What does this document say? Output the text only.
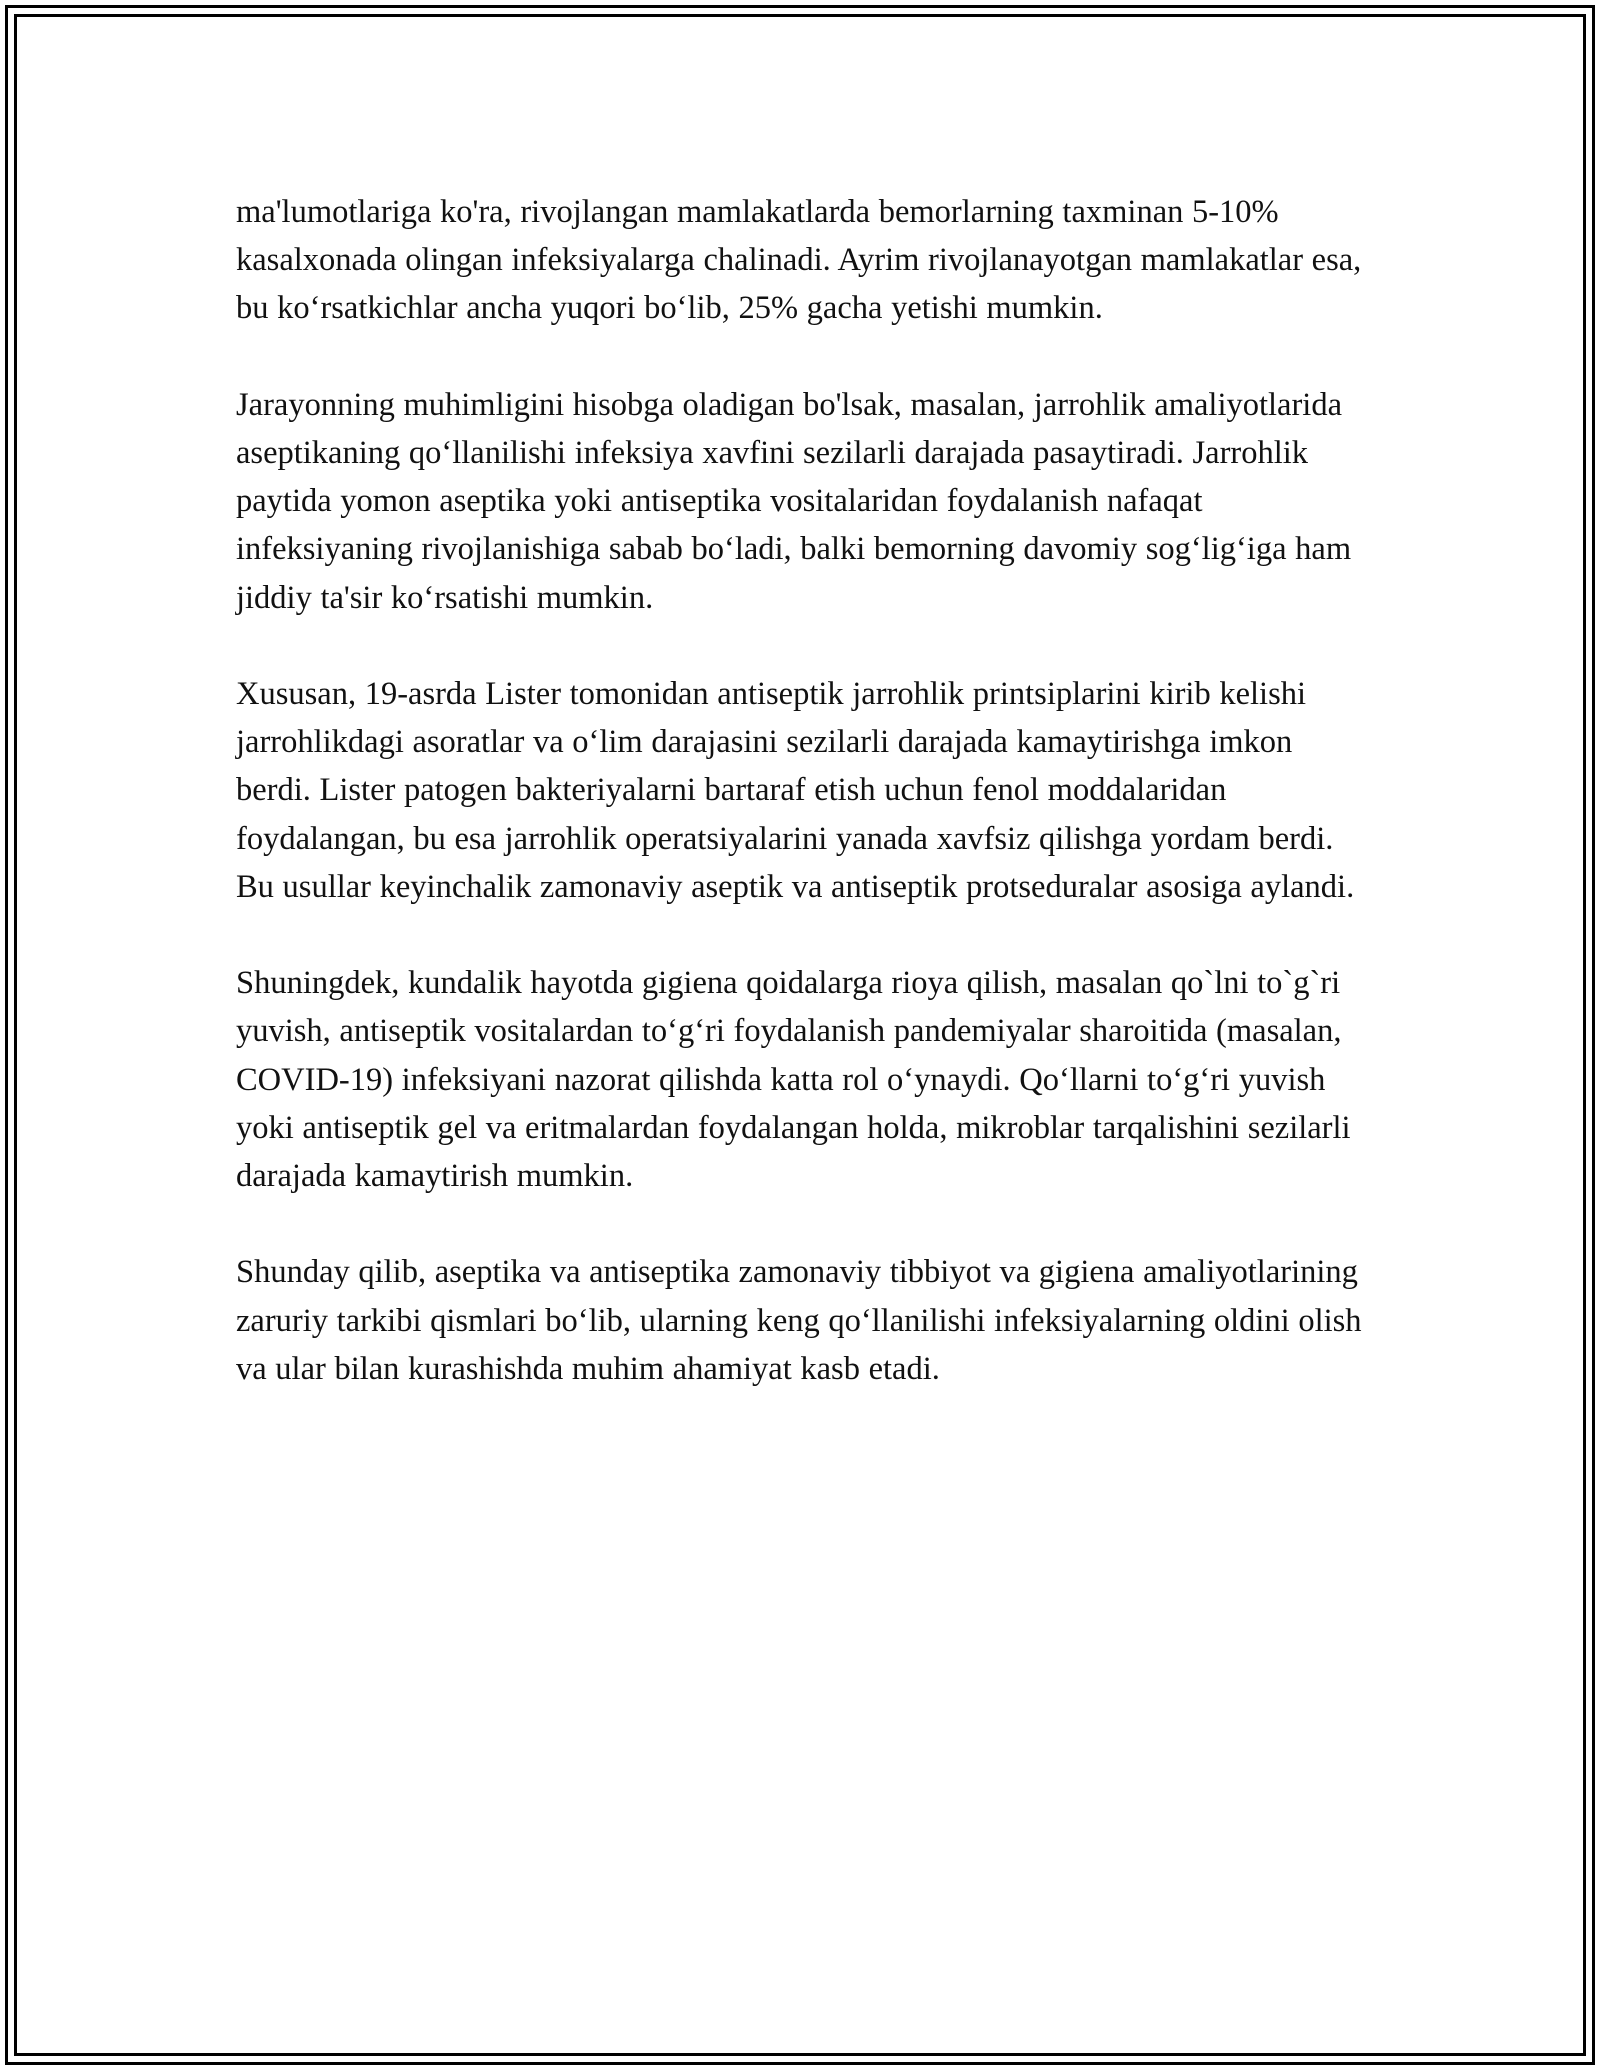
ma'lumotlariga ko'ra, rivojlangan mamlakatlarda bemorlarning taxminan 5-10% kasalxonada olingan infeksiyalarga chalinadi. Ayrim rivojlanayotgan mamlakatlar esa, bu ko‘rsatkichlar ancha yuqori bo‘lib, 25% gacha yetishi mumkin.

Jarayonning muhimligini hisobga oladigan bo'lsak, masalan, jarrohlik amaliyotlarida aseptikaning qo‘llanilishi infeksiya xavfini sezilarli darajada pasaytiradi. Jarrohlik paytida yomon aseptika yoki antiseptika vositalaridan foydalanish nafaqat infeksiyaning rivojlanishiga sabab bo‘ladi, balki bemorning davomiy sog‘lig‘iga ham jiddiy ta'sir ko‘rsatishi mumkin.

Xususan, 19-asrda Lister tomonidan antiseptik jarrohlik printsiplarini kirib kelishi jarrohlikdagi asoratlar va o‘lim darajasini sezilarli darajada kamaytirishga imkon berdi. Lister patogen bakteriyalarni bartaraf etish uchun fenol moddalaridan foydalangan, bu esa jarrohlik operatsiyalarini yanada xavfsiz qilishga yordam berdi. Bu usullar keyinchalik zamonaviy aseptik va antiseptik protseduralar asosiga aylandi.

Shuningdek, kundalik hayotda gigiena qoidalarga rioya qilish, masalan qo`lni to`g`ri yuvish, antiseptik vositalardan to‘g‘ri foydalanish pandemiyalar sharoitida (masalan, COVID-19) infeksiyani nazorat qilishda katta rol o‘ynaydi. Qo‘llarni to‘g‘ri yuvish yoki antiseptik gel va eritmalardan foydalangan holda, mikroblar tarqalishini sezilarli darajada kamaytirish mumkin.

Shunday qilib, aseptika va antiseptika zamonaviy tibbiyot va gigiena amaliyotlarining zaruriy tarkibi qismlari bo‘lib, ularning keng qo‘llanilishi infeksiyalarning oldini olish va ular bilan kurashishda muhim ahamiyat kasb etadi.
